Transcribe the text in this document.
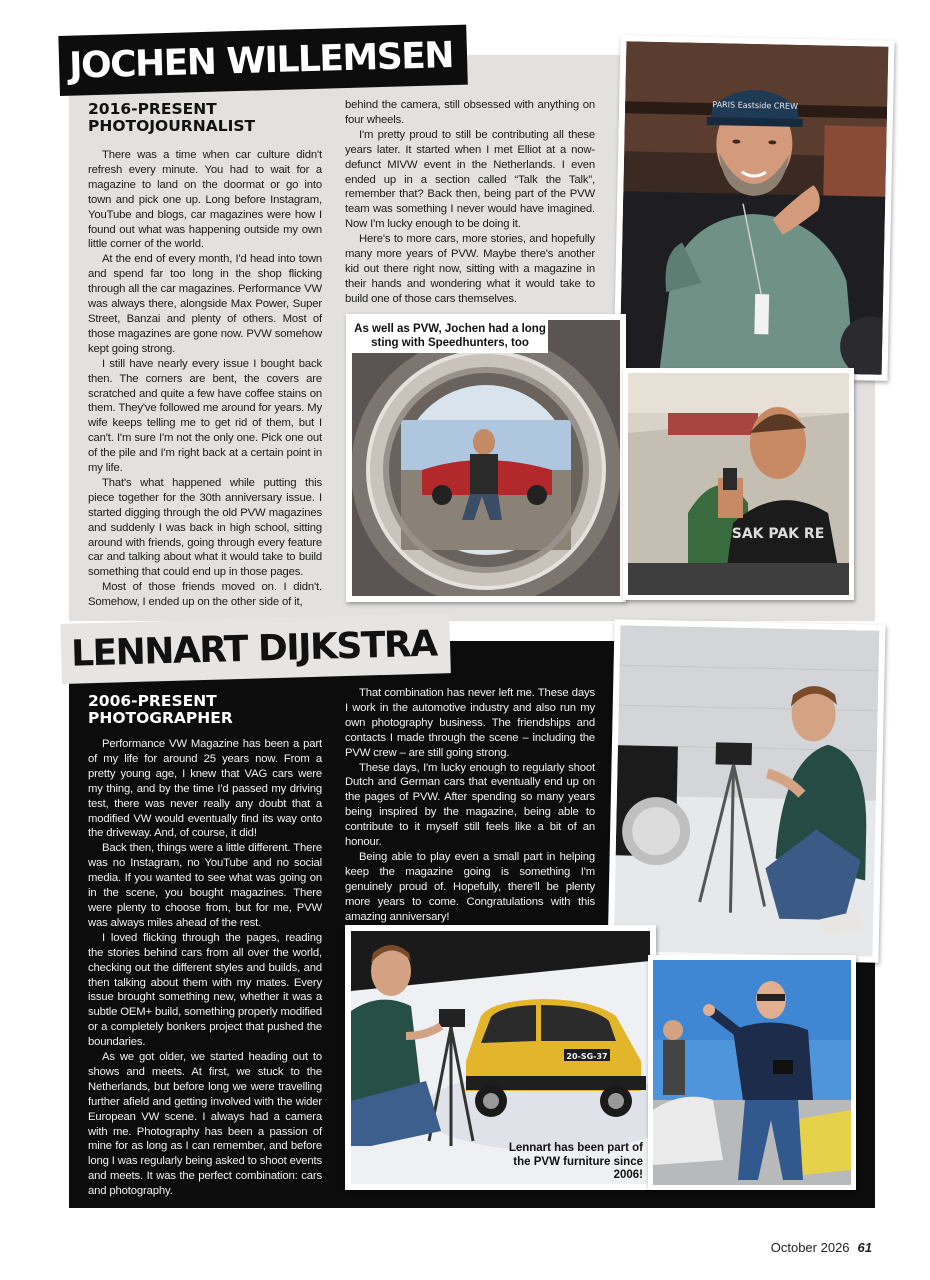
JOCHEN WILLEMSEN
2016-PRESENT
PHOTOJOURNALIST

There was a time when car culture didn't refresh every minute. You had to wait for a magazine to land on the doormat or go into town and pick one up. Long before Instagram, YouTube and blogs, car magazines were how I found out what was happening outside my own little corner of the world.

At the end of every month, I'd head into town and spend far too long in the shop flicking through all the car magazines. Performance VW was always there, alongside Max Power, Super Street, Banzai and plenty of others. Most of those magazines are gone now. PVW somehow kept going strong.

I still have nearly every issue I bought back then. The corners are bent, the covers are scratched and quite a few have coffee stains on them. They've followed me around for years. My wife keeps telling me to get rid of them, but I can't. I'm sure I'm not the only one. Pick one out of the pile and I'm right back at a certain point in my life.

That's what happened while putting this piece together for the 30th anniversary issue. I started digging through the old PVW magazines and suddenly I was back in high school, sitting around with friends, going through every feature car and talking about what it would take to build something that could end up in those pages.

Most of those friends moved on. I didn't. Somehow, I ended up on the other side of it,

behind the camera, still obsessed with anything on four wheels.

I'm pretty proud to still be contributing all these years later. It started when I met Elliot at a now-defunct MIVW event in the Netherlands. I even ended up in a section called “Talk the Talk”, remember that? Back then, being part of the PVW team was something I never would have imagined. Now I'm lucky enough to be doing it.

Here's to more cars, more stories, and hopefully many more years of PVW. Maybe there's another kid out there right now, sitting with a magazine in their hands and wondering what it would take to build one of those cars themselves.

PARIS Eastside CREW
As well as PVW, Jochen had a long sting with Speedhunters, too
SAK PAK RE
LENNART DIJKSTRA
2006-PRESENT
PHOTOGRAPHER

Performance VW Magazine has been a part of my life for around 25 years now. From a pretty young age, I knew that VAG cars were my thing, and by the time I'd passed my driving test, there was never really any doubt that a modified VW would eventually find its way onto the driveway. And, of course, it did!

Back then, things were a little different. There was no Instagram, no YouTube and no social media. If you wanted to see what was going on in the scene, you bought magazines. There were plenty to choose from, but for me, PVW was always miles ahead of the rest.

I loved flicking through the pages, reading the stories behind cars from all over the world, checking out the different styles and builds, and then talking about them with my mates. Every issue brought something new, whether it was a subtle OEM+ build, something properly modified or a completely bonkers project that pushed the boundaries.

As we got older, we started heading out to shows and meets. At first, we stuck to the Netherlands, but before long we were travelling further afield and getting involved with the wider European VW scene. I always had a camera with me. Photography has been a passion of mine for as long as I can remember, and before long I was regularly being asked to shoot events and meets. It was the perfect combination: cars and photography.

That combination has never left me. These days I work in the automotive industry and also run my own photography business. The friendships and contacts I made through the scene – including the PVW crew – are still going strong.

These days, I'm lucky enough to regularly shoot Dutch and German cars that eventually end up on the pages of PVW. After spending so many years being inspired by the magazine, being able to contribute to it myself still feels like a bit of an honour.

Being able to play even a small part in helping keep the magazine going is something I'm genuinely proud of. Hopefully, there'll be plenty more years to come. Congratulations with this amazing anniversary!

20-SG-37
Lennart has been part of the PVW furniture since 2006!
October 2026 61
